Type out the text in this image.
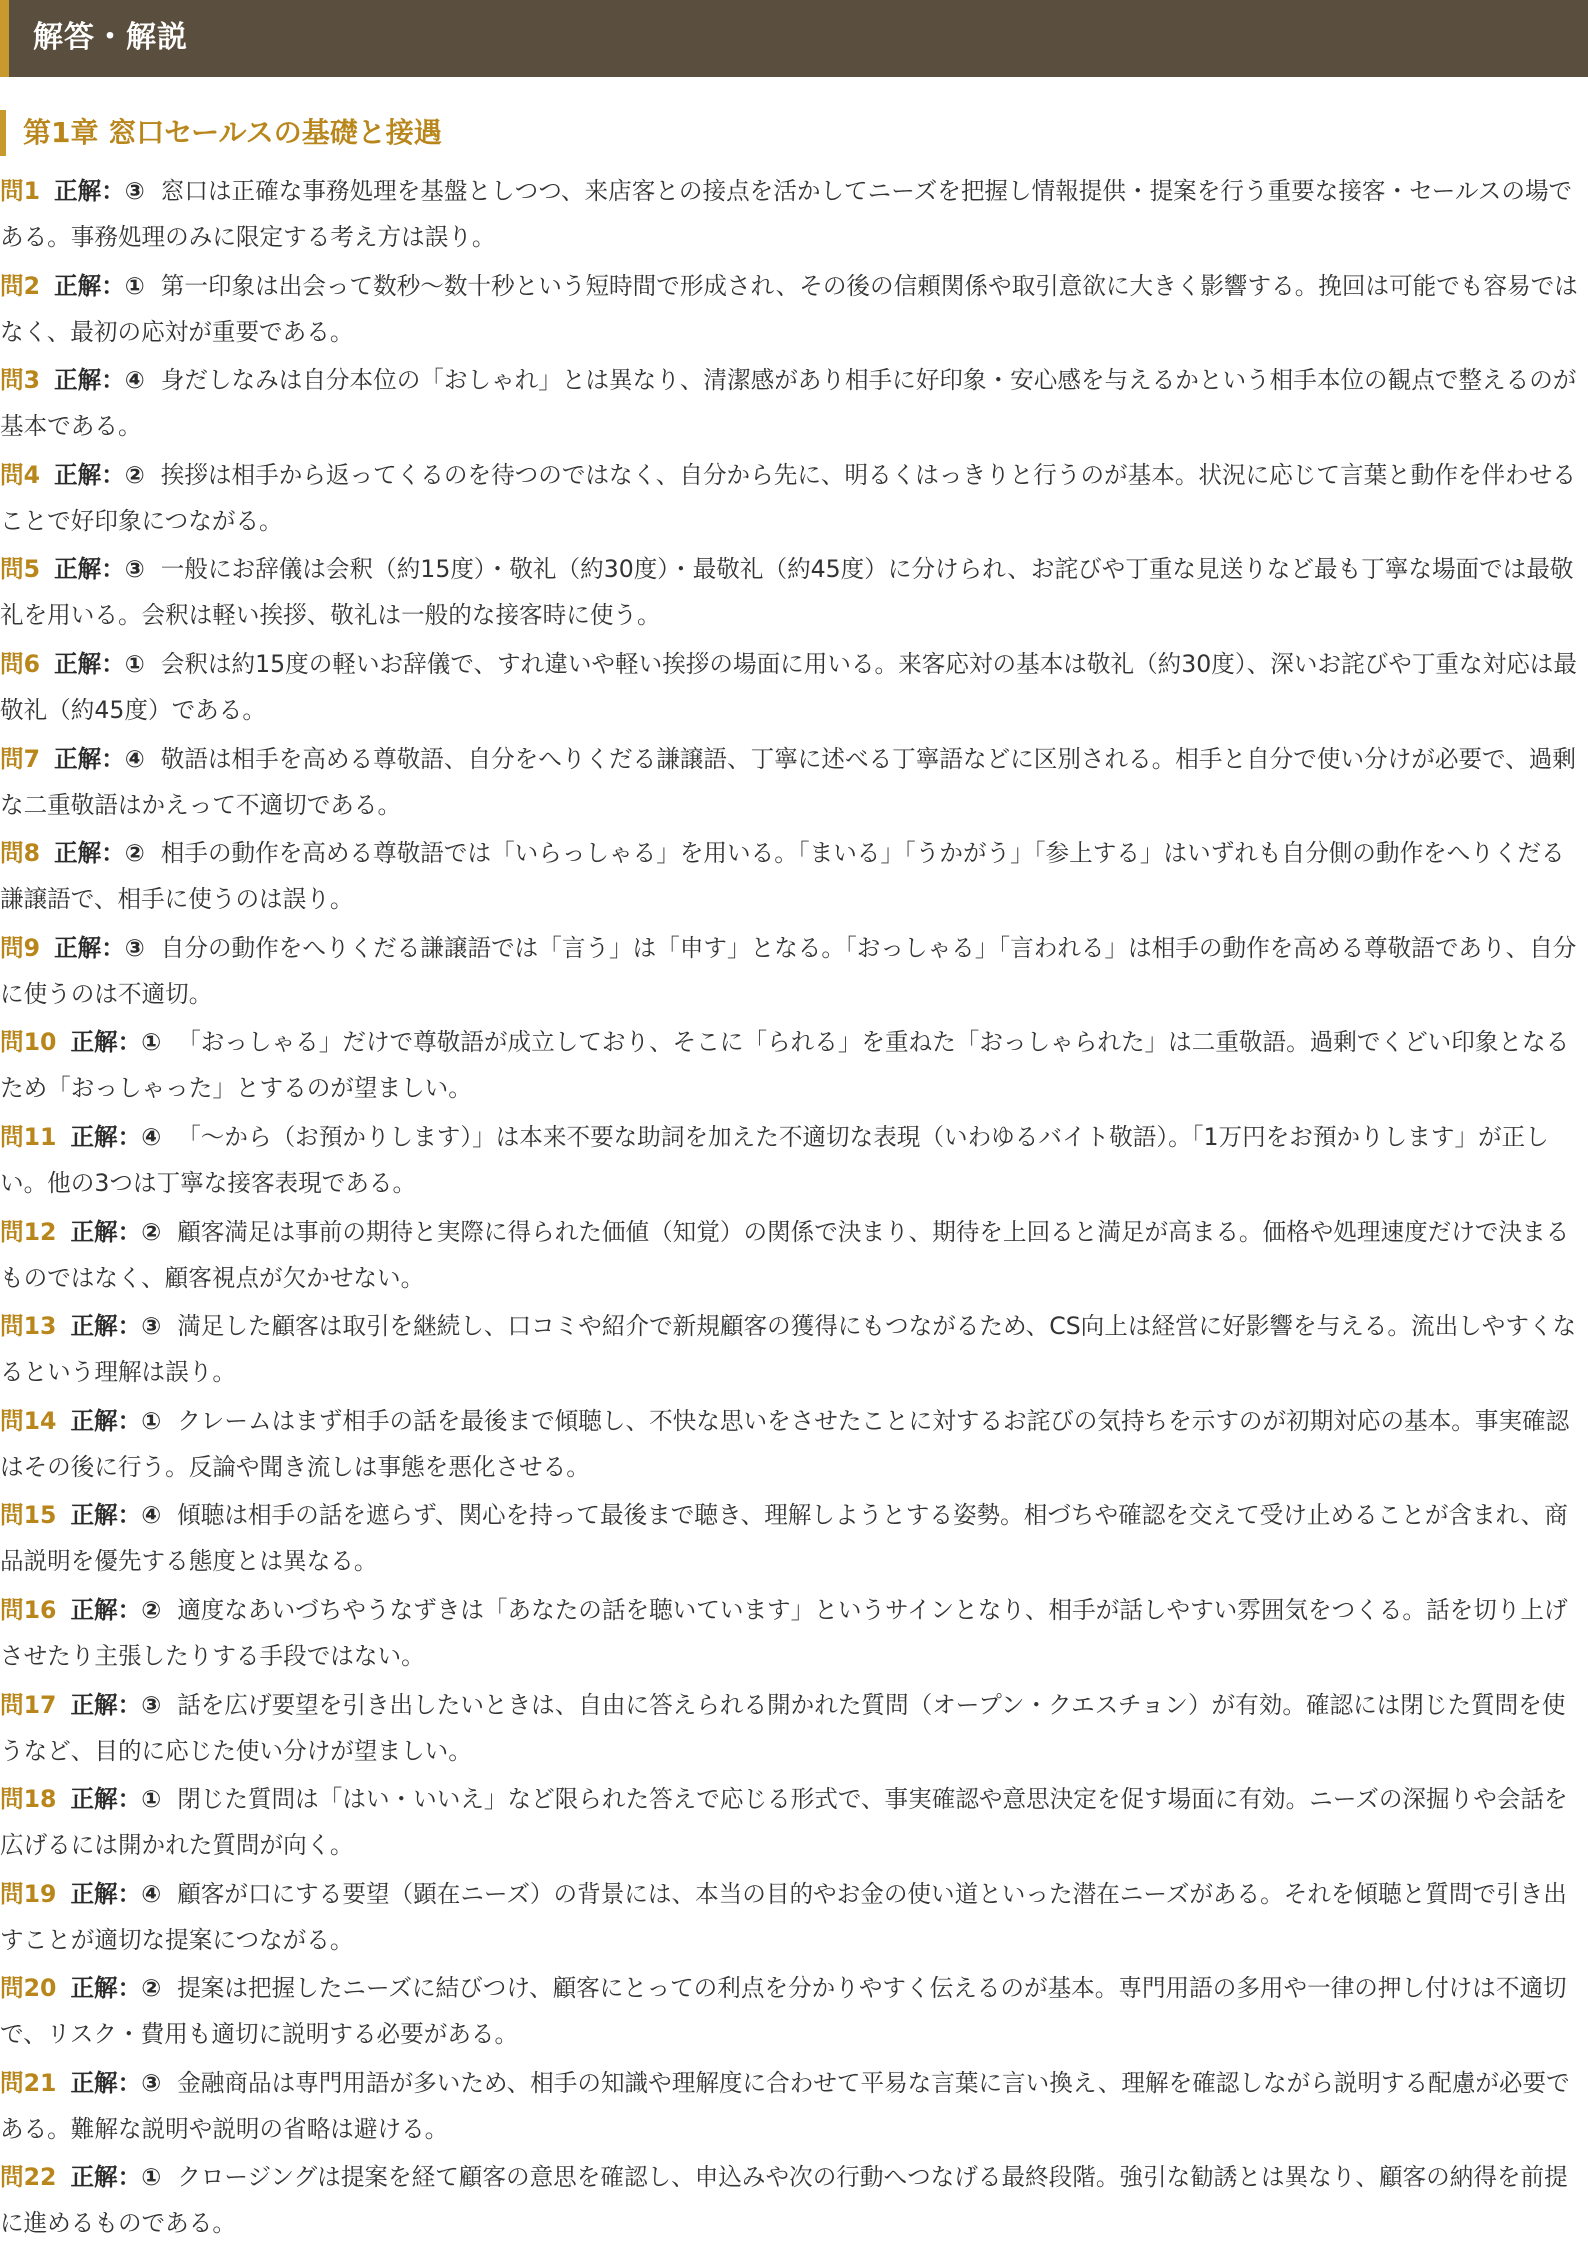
解答・解説
第1章 窓口セールスの基礎と接遇
問1 正解：③ 窓口は正確な事務処理を基盤としつつ、来店客との接点を活かしてニーズを把握し情報提供・提案を行う重要な接客・セールスの場である。事務処理のみに限定する考え方は誤り。
問2 正解：① 第一印象は出会って数秒〜数十秒という短時間で形成され、その後の信頼関係や取引意欲に大きく影響する。挽回は可能でも容易ではなく、最初の応対が重要である。
問3 正解：④ 身だしなみは自分本位の「おしゃれ」とは異なり、清潔感があり相手に好印象・安心感を与えるかという相手本位の観点で整えるのが基本である。
問4 正解：② 挨拶は相手から返ってくるのを待つのではなく、自分から先に、明るくはっきりと行うのが基本。状況に応じて言葉と動作を伴わせることで好印象につながる。
問5 正解：③ 一般にお辞儀は会釈（約15度）・敬礼（約30度）・最敬礼（約45度）に分けられ、お詫びや丁重な見送りなど最も丁寧な場面では最敬礼を用いる。会釈は軽い挨拶、敬礼は一般的な接客時に使う。
問6 正解：① 会釈は約15度の軽いお辞儀で、すれ違いや軽い挨拶の場面に用いる。来客応対の基本は敬礼（約30度）、深いお詫びや丁重な対応は最敬礼（約45度）である。
問7 正解：④ 敬語は相手を高める尊敬語、自分をへりくだる謙譲語、丁寧に述べる丁寧語などに区別される。相手と自分で使い分けが必要で、過剰な二重敬語はかえって不適切である。
問8 正解：② 相手の動作を高める尊敬語では「いらっしゃる」を用いる。「まいる」「うかがう」「参上する」はいずれも自分側の動作をへりくだる謙譲語で、相手に使うのは誤り。
問9 正解：③ 自分の動作をへりくだる謙譲語では「言う」は「申す」となる。「おっしゃる」「言われる」は相手の動作を高める尊敬語であり、自分に使うのは不適切。
問10 正解：① 「おっしゃる」だけで尊敬語が成立しており、そこに「られる」を重ねた「おっしゃられた」は二重敬語。過剰でくどい印象となるため「おっしゃった」とするのが望ましい。
問11 正解：④ 「〜から（お預かりします）」は本来不要な助詞を加えた不適切な表現（いわゆるバイト敬語）。「1万円をお預かりします」が正しい。他の3つは丁寧な接客表現である。
問12 正解：② 顧客満足は事前の期待と実際に得られた価値（知覚）の関係で決まり、期待を上回ると満足が高まる。価格や処理速度だけで決まるものではなく、顧客視点が欠かせない。
問13 正解：③ 満足した顧客は取引を継続し、口コミや紹介で新規顧客の獲得にもつながるため、CS向上は経営に好影響を与える。流出しやすくなるという理解は誤り。
問14 正解：① クレームはまず相手の話を最後まで傾聴し、不快な思いをさせたことに対するお詫びの気持ちを示すのが初期対応の基本。事実確認はその後に行う。反論や聞き流しは事態を悪化させる。
問15 正解：④ 傾聴は相手の話を遮らず、関心を持って最後まで聴き、理解しようとする姿勢。相づちや確認を交えて受け止めることが含まれ、商品説明を優先する態度とは異なる。
問16 正解：② 適度なあいづちやうなずきは「あなたの話を聴いています」というサインとなり、相手が話しやすい雰囲気をつくる。話を切り上げさせたり主張したりする手段ではない。
問17 正解：③ 話を広げ要望を引き出したいときは、自由に答えられる開かれた質問（オープン・クエスチョン）が有効。確認には閉じた質問を使うなど、目的に応じた使い分けが望ましい。
問18 正解：① 閉じた質問は「はい・いいえ」など限られた答えで応じる形式で、事実確認や意思決定を促す場面に有効。ニーズの深掘りや会話を広げるには開かれた質問が向く。
問19 正解：④ 顧客が口にする要望（顕在ニーズ）の背景には、本当の目的やお金の使い道といった潜在ニーズがある。それを傾聴と質問で引き出すことが適切な提案につながる。
問20 正解：② 提案は把握したニーズに結びつけ、顧客にとっての利点を分かりやすく伝えるのが基本。専門用語の多用や一律の押し付けは不適切で、リスク・費用も適切に説明する必要がある。
問21 正解：③ 金融商品は専門用語が多いため、相手の知識や理解度に合わせて平易な言葉に言い換え、理解を確認しながら説明する配慮が必要である。難解な説明や説明の省略は避ける。
問22 正解：① クロージングは提案を経て顧客の意思を確認し、申込みや次の行動へつなげる最終段階。強引な勧誘とは異なり、顧客の納得を前提に進めるものである。
